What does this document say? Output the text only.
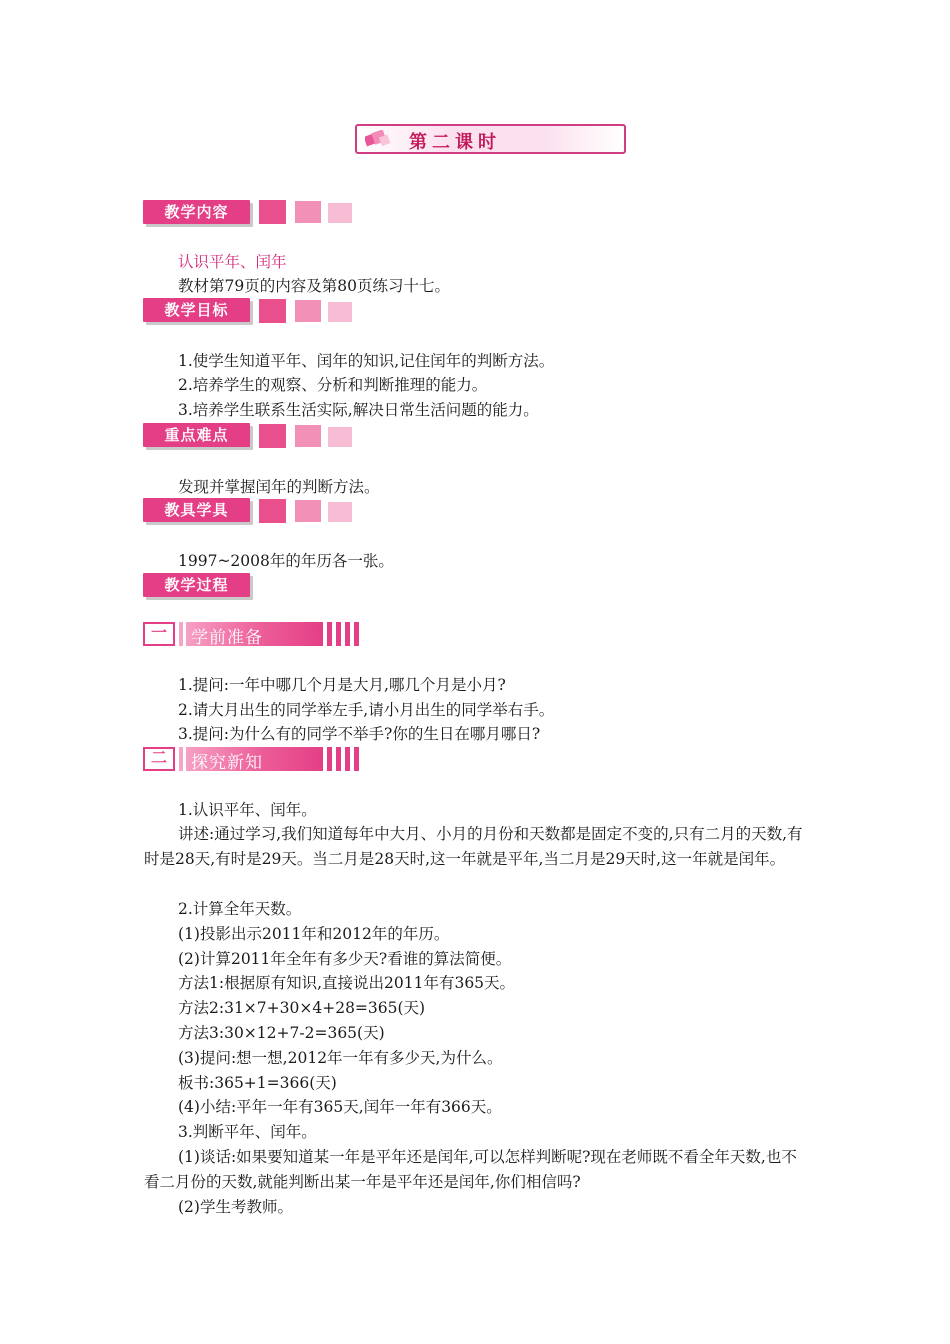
第二课时
教学内容
认识平年、闰年
教材第79页的内容及第80页练习十七。
教学目标
1.使学生知道平年、闰年的知识,记住闰年的判断方法。
2.培养学生的观察、分析和判断推理的能力。
3.培养学生联系生活实际,解决日常生活问题的能力。
重点难点
发现并掌握闰年的判断方法。
教具学具
1997~2008年的年历各一张。
教学过程
一	学前准备
1.提问:一年中哪几个月是大月,哪几个月是小月?
2.请大月出生的同学举左手,请小月出生的同学举右手。
3.提问:为什么有的同学不举手?你的生日在哪月哪日?
二	探究新知
1.认识平年、闰年。
讲述:通过学习,我们知道每年中大月、小月的月份和天数都是固定不变的,只有二月的天数,有时是28天,有时是29天。当二月是28天时,这一年就是平年,当二月是29天时,这一年就是闰年。
2.计算全年天数。
(1)投影出示2011年和2012年的年历。
(2)计算2011年全年有多少天?看谁的算法简便。
方法1:根据原有知识,直接说出2011年有365天。
方法2:31×7+30×4+28=365(天)
方法3:30×12+7-2=365(天)
(3)提问:想一想,2012年一年有多少天,为什么。
板书:365+1=366(天)
(4)小结:平年一年有365天,闰年一年有366天。
3.判断平年、闰年。
(1)谈话:如果要知道某一年是平年还是闰年,可以怎样判断呢?现在老师既不看全年天数,也不看二月份的天数,就能判断出某一年是平年还是闰年,你们相信吗?
(2)学生考教师。
